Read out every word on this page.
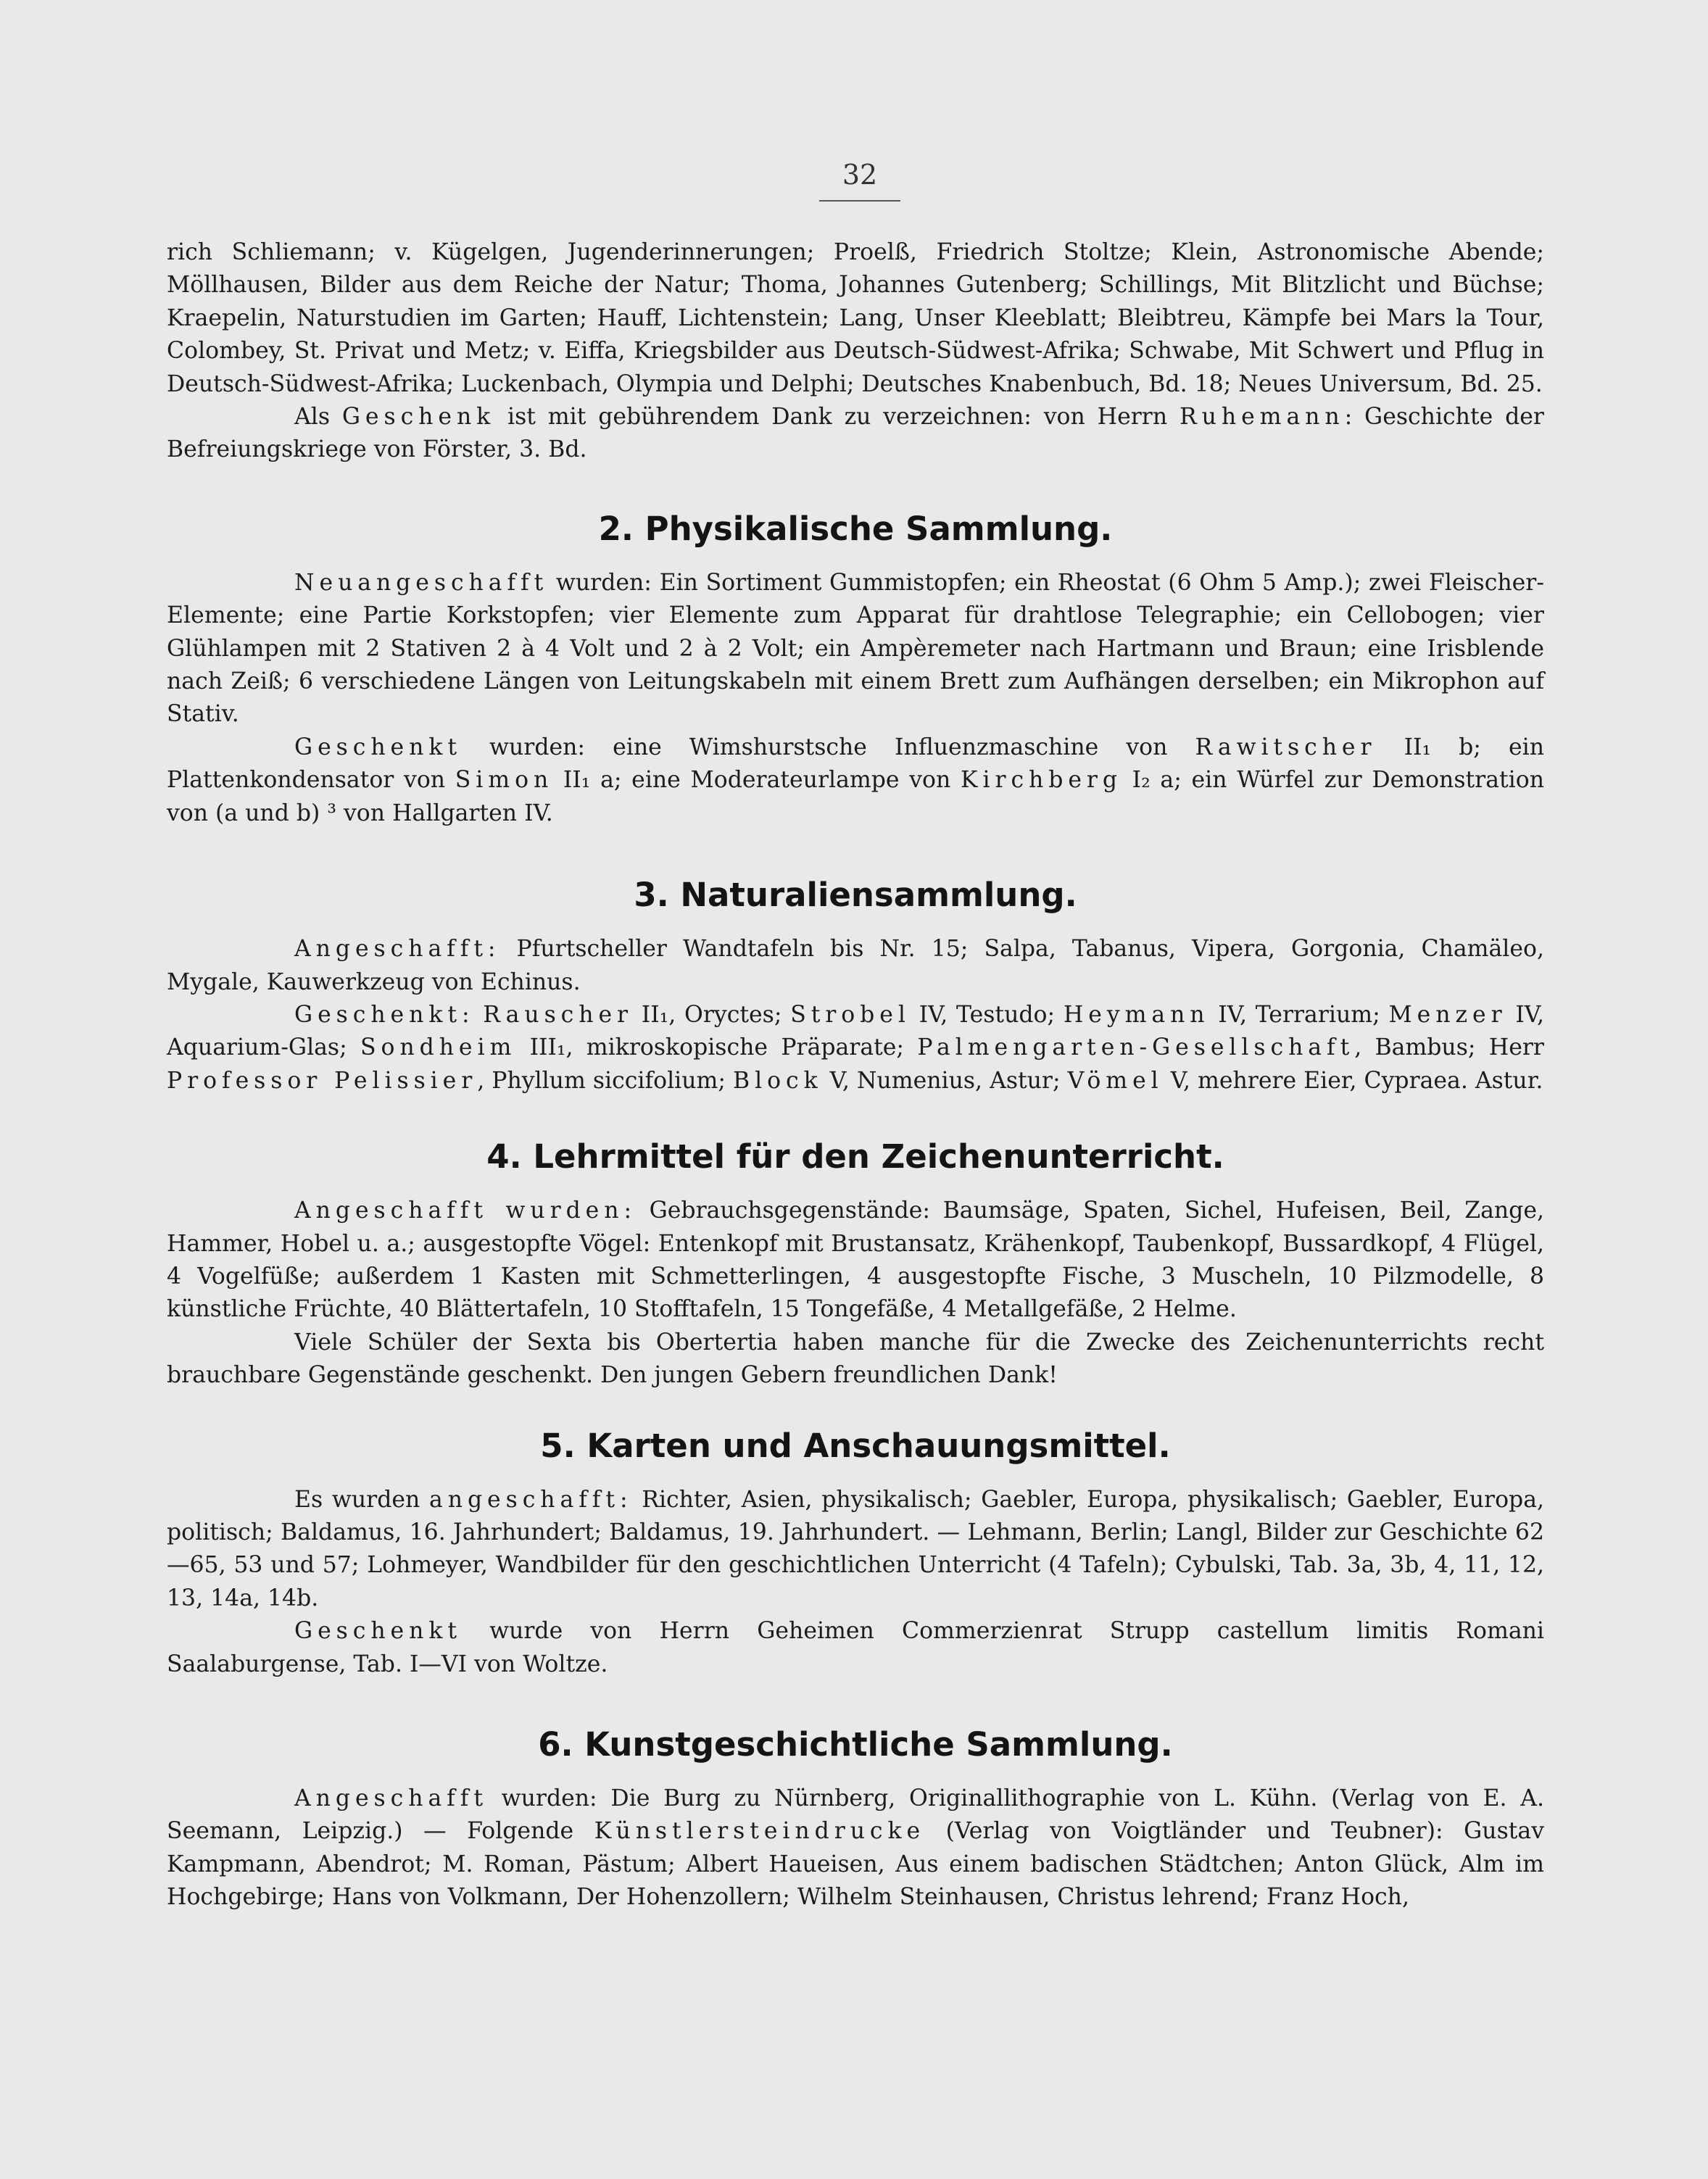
32

rich Schliemann; v. Kügelgen, Jugenderinnerungen; Proelß, Friedrich Stoltze; Klein, Astronomische Abende; Möllhausen, Bilder aus dem Reiche der Natur; Thoma, Johannes Gutenberg; Schillings, Mit Blitzlicht und Büchse; Kraepelin, Naturstudien im Garten; Hauff, Lichtenstein; Lang, Unser Kleeblatt; Bleibtreu, Kämpfe bei Mars la Tour, Colombey, St. Privat und Metz; v. Eiffa, Kriegsbilder aus Deutsch-Südwest-Afrika; Schwabe, Mit Schwert und Pflug in Deutsch-Südwest-Afrika; Luckenbach, Olympia und Delphi; Deutsches Knabenbuch, Bd. 18; Neues Universum, Bd. 25.

Als Geschenk ist mit gebührendem Dank zu verzeichnen: von Herrn Ruhemann: Geschichte der Befreiungskriege von Förster, 3. Bd.

2. Physikalische Sammlung.

Neuangeschafft wurden: Ein Sortiment Gummistopfen; ein Rheostat (6 Ohm 5 Amp.); zwei Fleischer-Elemente; eine Partie Korkstopfen; vier Elemente zum Apparat für drahtlose Telegraphie; ein Cellobogen; vier Glühlampen mit 2 Stativen 2 à 4 Volt und 2 à 2 Volt; ein Ampèremeter nach Hartmann und Braun; eine Irisblende nach Zeiß; 6 verschiedene Längen von Leitungskabeln mit einem Brett zum Aufhängen derselben; ein Mikrophon auf Stativ.

Geschenkt wurden: eine Wimshurstsche Influenzmaschine von Rawitscher II₁ b; ein Plattenkondensator von Simon II₁ a; eine Moderateurlampe von Kirchberg I₂ a; ein Würfel zur Demonstration von (a und b) ³ von Hallgarten IV.

3. Naturaliensammlung.

Angeschafft: Pfurtscheller Wandtafeln bis Nr. 15; Salpa, Tabanus, Vipera, Gorgonia, Chamäleo, Mygale, Kauwerkzeug von Echinus.

Geschenkt: Rauscher II₁, Oryctes; Strobel IV, Testudo; Heymann IV, Terrarium; Menzer IV, Aquarium-Glas; Sondheim III₁, mikroskopische Präparate; Palmengarten-Gesellschaft, Bambus; Herr Professor Pelissier, Phyllum siccifolium; Block V, Numenius, Astur; Vömel V, mehrere Eier, Cypraea. Astur.

4. Lehrmittel für den Zeichenunterricht.

Angeschafft wurden: Gebrauchsgegenstände: Baumsäge, Spaten, Sichel, Hufeisen, Beil, Zange, Hammer, Hobel u. a.; ausgestopfte Vögel: Entenkopf mit Brustansatz, Krähenkopf, Taubenkopf, Bussardkopf, 4 Flügel, 4 Vogelfüße; außerdem 1 Kasten mit Schmetterlingen, 4 ausgestopfte Fische, 3 Muscheln, 10 Pilzmodelle, 8 künstliche Früchte, 40 Blättertafeln, 10 Stofftafeln, 15 Tongefäße, 4 Metallgefäße, 2 Helme.

Viele Schüler der Sexta bis Obertertia haben manche für die Zwecke des Zeichenunterrichts recht brauchbare Gegenstände geschenkt. Den jungen Gebern freundlichen Dank!

5. Karten und Anschauungsmittel.

Es wurden angeschafft: Richter, Asien, physikalisch; Gaebler, Europa, physikalisch; Gaebler, Europa, politisch; Baldamus, 16. Jahrhundert; Baldamus, 19. Jahrhundert. — Lehmann, Berlin; Langl, Bilder zur Geschichte 62—65, 53 und 57; Lohmeyer, Wandbilder für den geschichtlichen Unterricht (4 Tafeln); Cybulski, Tab. 3a, 3b, 4, 11, 12, 13, 14a, 14b.

Geschenkt wurde von Herrn Geheimen Commerzienrat Strupp castellum limitis Romani Saalaburgense, Tab. I—VI von Woltze.

6. Kunstgeschichtliche Sammlung.

Angeschafft wurden: Die Burg zu Nürnberg, Originallithographie von L. Kühn. (Verlag von E. A. Seemann, Leipzig.) — Folgende Künstlersteindrucke (Verlag von Voigtländer und Teubner): Gustav Kampmann, Abendrot; M. Roman, Pästum; Albert Haueisen, Aus einem badischen Städtchen; Anton Glück, Alm im Hochgebirge; Hans von Volkmann, Der Hohenzollern; Wilhelm Steinhausen, Christus lehrend; Franz Hoch,
